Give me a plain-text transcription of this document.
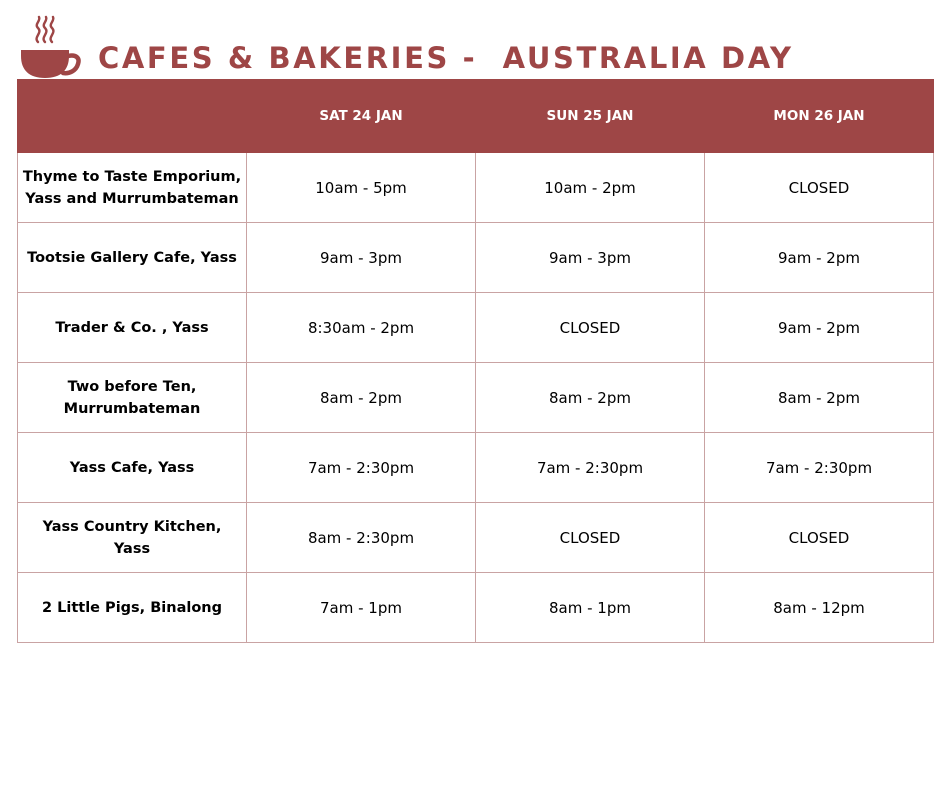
CAFES & BAKERIES -  AUSTRALIA DAY
	SAT 24 JAN	SUN 25 JAN	MON 26 JAN
Thyme to Taste Emporium, Yass and Murrumbateman	10am - 5pm	10am - 2pm	CLOSED
Tootsie Gallery Cafe, Yass	9am - 3pm	9am - 3pm	9am - 2pm
Trader & Co. , Yass	8:30am - 2pm	CLOSED	9am - 2pm
Two before Ten, Murrumbateman	8am - 2pm	8am - 2pm	8am - 2pm
Yass Cafe, Yass	7am - 2:30pm	7am - 2:30pm	7am - 2:30pm
Yass Country Kitchen, Yass	8am - 2:30pm	CLOSED	CLOSED
2 Little Pigs, Binalong	7am - 1pm	8am - 1pm	8am - 12pm
